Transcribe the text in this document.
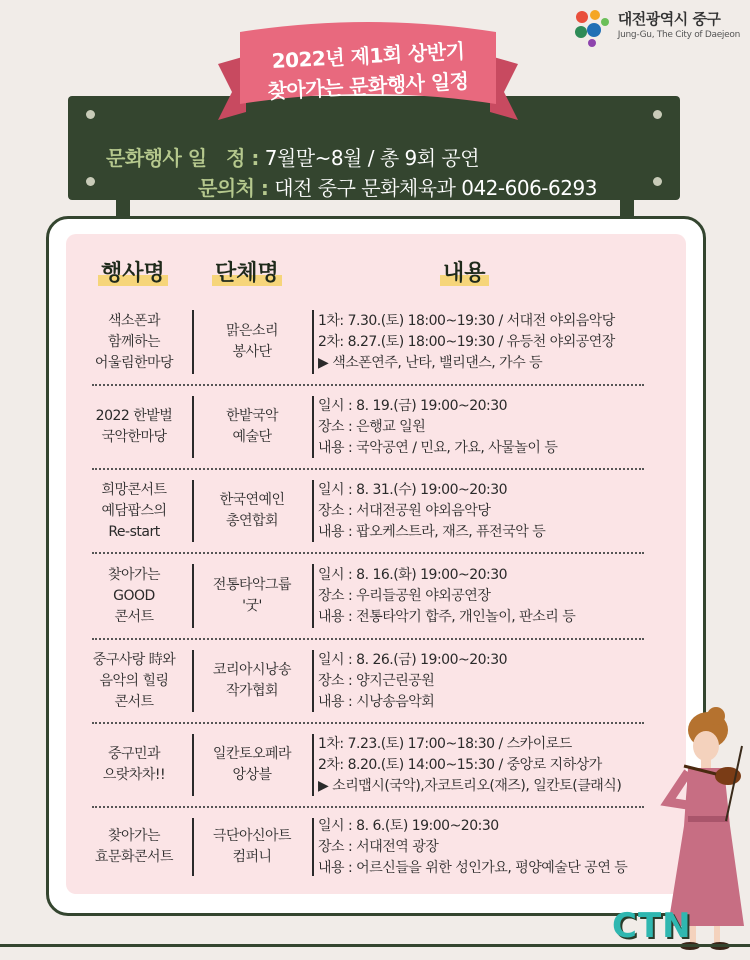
대전광역시 중구
Jung-Gu, The City of Daejeon
문화행사 일　정 : 7월말~8월 / 총 9회 공연
문의처 : 대전 중구 문화체육과 042-606-6293
2022년 제1회 상반기
찾아가는 문화행사 일정
행사명 단체명	내용
색소폰과
함께하는
어울림한마당
맑은소리
봉사단
1차: 7.30.(토) 18:00~19:30 / 서대전 야외음악당
2차: 8.27.(토) 18:00~19:30 / 유등천 야외공연장
▶ 색소폰연주, 난타, 밸리댄스, 가수 등
2022 한밭벌
국악한마당
한밭국악
예술단
일시 : 8. 19.(금) 19:00~20:30
장소 : 은행교 일원
내용 : 국악공연 / 민요, 가요, 사물놀이 등
희망콘서트
예담팝스의
Re-start
한국연예인
총연합회
일시 : 8. 31.(수) 19:00~20:30
장소 : 서대전공원 야외음악당
내용 : 팝오케스트라, 재즈, 퓨전국악 등
찾아가는
GOOD
콘서트
전통타악그룹
'굿'
일시 : 8. 16.(화) 19:00~20:30
장소 : 우리들공원 야외공연장
내용 : 전통타악기 합주, 개인놀이, 판소리 등
중구사랑 時와
음악의 힐링
콘서트
코리아시낭송
작가협회
일시 : 8. 26.(금) 19:00~20:30
장소 : 양지근린공원
내용 : 시낭송음악회
중구민과
으랏차차!!
일칸토오페라
앙상블
1차: 7.23.(토) 17:00~18:30 / 스카이로드
2차: 8.20.(토) 14:00~15:30 / 중앙로 지하상가
▶ 소리맵시(국악),자코트리오(재즈), 일칸토(클래식)
찾아가는
효문화콘서트
극단아신아트
컴퍼니
일시 : 8. 6.(토) 19:00~20:30
장소 : 서대전역 광장
내용 : 어르신들을 위한 성인가요, 평양예술단 공연 등
CTN
